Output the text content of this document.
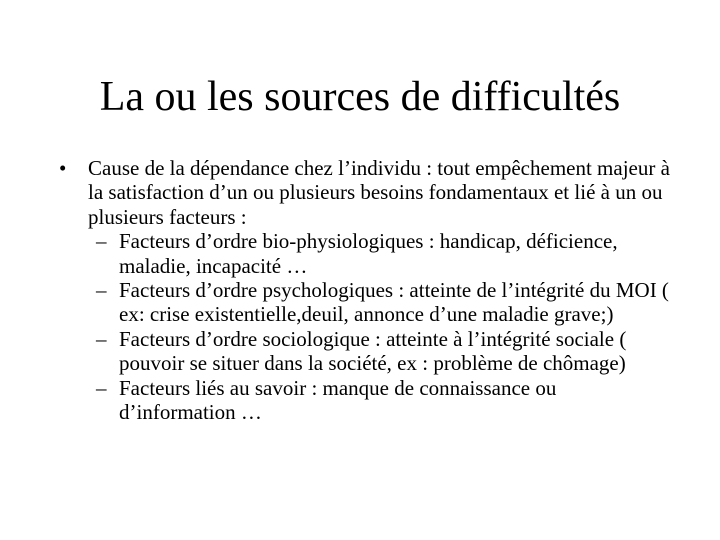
La ou les sources de difficultés

• Cause de la dépendance chez l’individu : tout empêchement majeur à la satisfaction d’un ou plusieurs besoins fondamentaux et lié à un ou plusieurs facteurs :

– Facteurs d’ordre bio-physiologiques : handicap, déficience, maladie, incapacité …
– Facteurs d’ordre psychologiques : atteinte de l’intégrité du MOI ( ex: crise existentielle,deuil, annonce d’une maladie grave;)
– Facteurs d’ordre sociologique : atteinte à l’intégrité sociale ( pouvoir se situer dans la société, ex : problème de chômage)
– Facteurs liés au savoir : manque de connaissance ou d’information …
